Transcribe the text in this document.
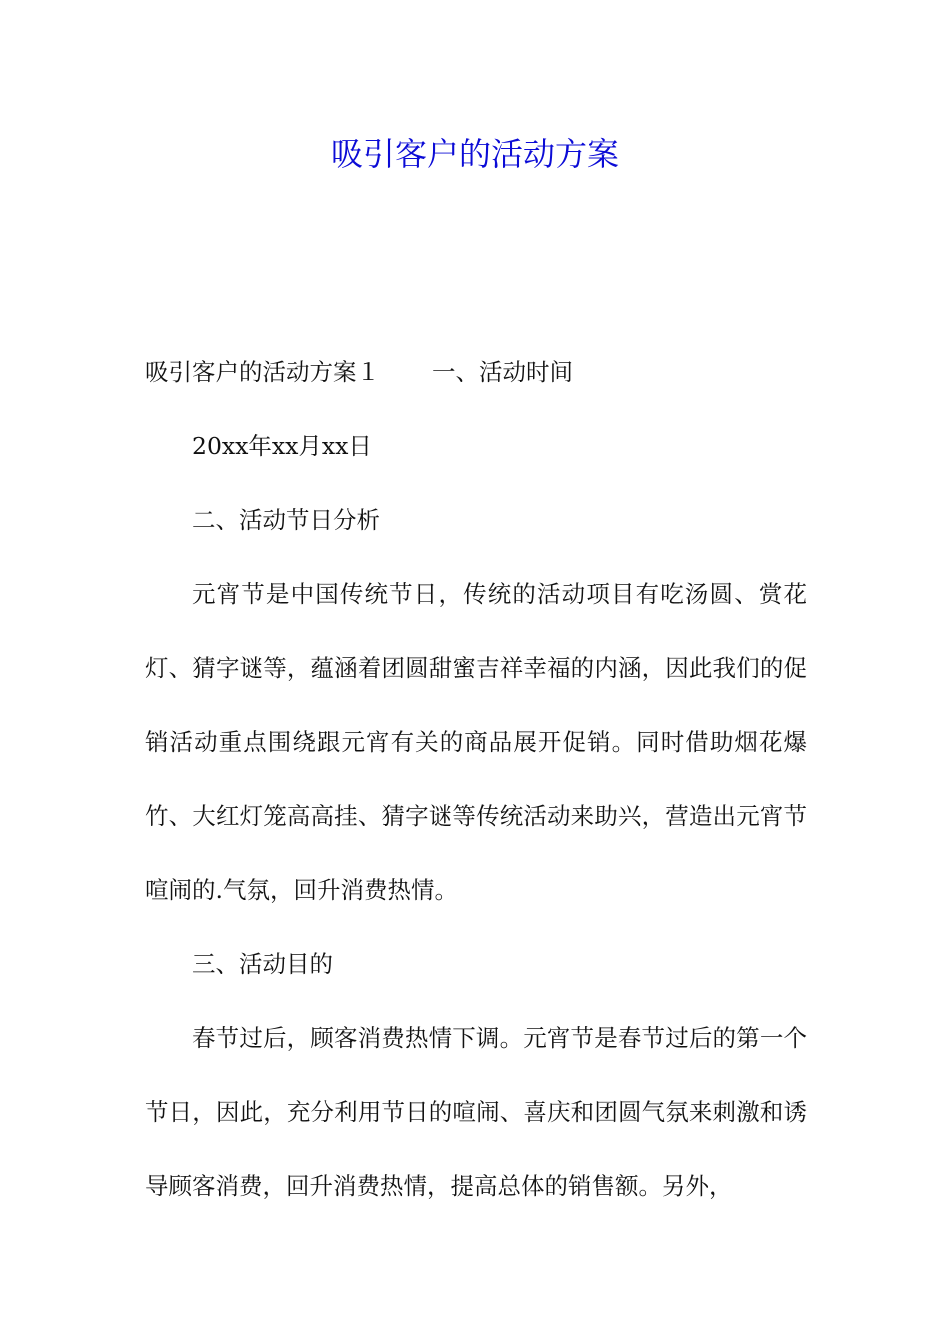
吸引客户的活动方案

吸引客户的活动方案１ 一、活动时间

20xx年xx月xx日

二、活动节日分析

元宵节是中国传统节日，传统的活动项目有吃汤圆、赏花灯、猜字谜等，蕴涵着团圆甜蜜吉祥幸福的内涵，因此我们的促销活动重点围绕跟元宵有关的商品展开促销。同时借助烟花爆竹、大红灯笼高高挂、猜字谜等传统活动来助兴，营造出元宵节喧闹的.气氛，回升消费热情。

三、活动目的

春节过后，顾客消费热情下调。元宵节是春节过后的第一个节日，因此，充分利用节日的喧闹、喜庆和团圆气氛来刺激和诱导顾客消费，回升消费热情，提高总体的销售额。另外，
